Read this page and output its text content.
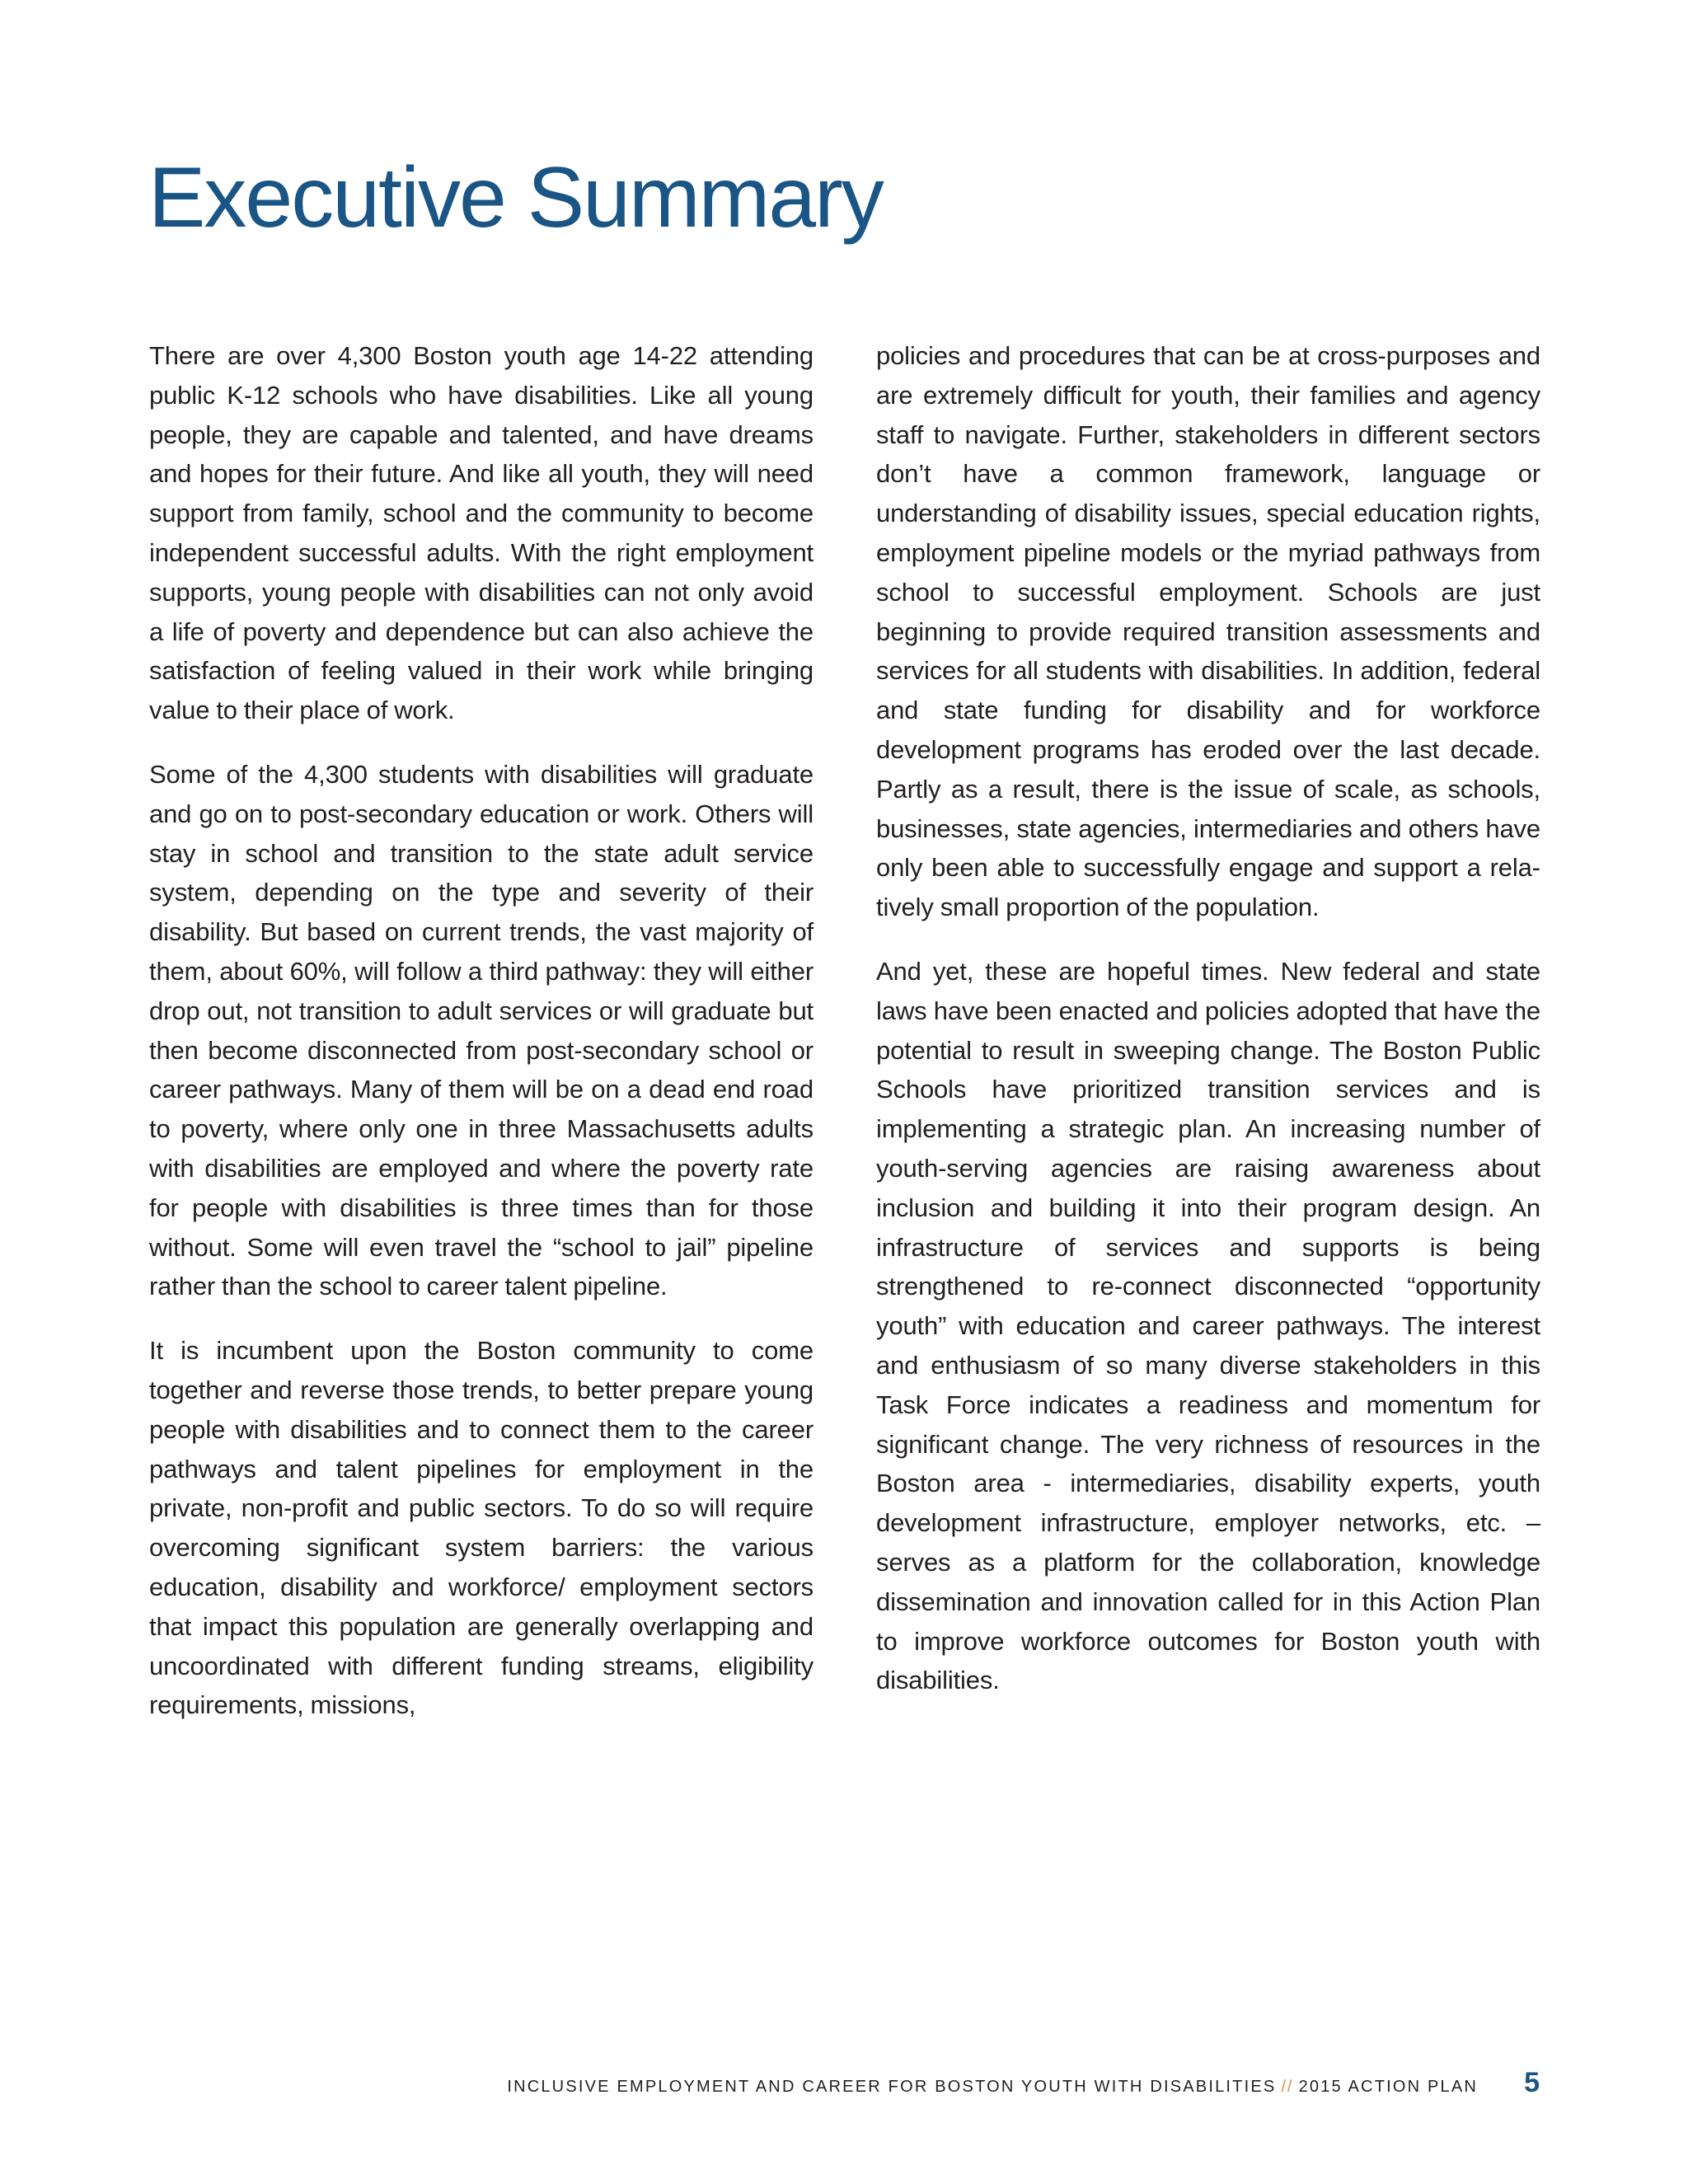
Executive Summary

There are over 4,300 Boston youth age 14-22 attending public K-12 schools who have disabilities. Like all young people, they are capable and talented, and have dreams and hopes for their future. And like all youth, they will need support from family, school and the community to become independent successful adults. With the right employment supports, young people with disabilities can not only avoid a life of poverty and dependence but can also achieve the satisfaction of feeling valued in their work while bringing value to their place of work.

Some of the 4,300 students with disabilities will graduate and go on to post-secondary education or work. Others will stay in school and transition to the state adult service system, depending on the type and severity of their disability. But based on current trends, the vast majority of them, about 60%, will follow a third pathway: they will either drop out, not transition to adult services or will graduate but then become disconnected from post-secondary school or career pathways. Many of them will be on a dead end road to poverty, where only one in three Massachusetts adults with disabilities are employed and where the poverty rate for people with disabilities is three times than for those without. Some will even travel the “school to jail” pipeline rather than the school to career talent pipeline.

It is incumbent upon the Boston community to come together and reverse those trends, to better prepare young people with disabilities and to connect them to the career pathways and talent pipelines for employment in the private, non-profit and public sectors. To do so will require overcoming significant system barriers: the various education, disability and workforce/ employment sectors that impact this population are generally overlapping and uncoordinated with different funding streams, eligibility requirements, missions,

policies and procedures that can be at cross-purposes and are extremely difficult for youth, their families and agency staff to navigate. Further, stakeholders in different sectors don’t have a common framework, language or understanding of disability issues, special education rights, employment pipeline models or the myriad pathways from school to successful employment. Schools are just beginning to provide required transition assessments and services for all students with disabilities. In addition, federal and state funding for disability and for workforce development programs has eroded over the last decade. Partly as a result, there is the issue of scale, as schools, businesses, state agencies, intermediaries and others have only been able to successfully engage and support a relatively small proportion of the population.

And yet, these are hopeful times. New federal and state laws have been enacted and policies adopted that have the potential to result in sweeping change. The Boston Public Schools have prioritized transition services and is implementing a strategic plan. An increasing number of youth-serving agencies are raising awareness about inclusion and building it into their program design. An infrastructure of services and supports is being strengthened to re-connect disconnected “opportunity youth” with education and career pathways. The interest and enthusiasm of so many diverse stakeholders in this Task Force indicates a readiness and momentum for significant change. The very richness of resources in the Boston area - intermediaries, disability experts, youth development infrastructure, employer networks, etc. – serves as a platform for the collaboration, knowledge dissemination and innovation called for in this Action Plan to improve workforce outcomes for Boston youth with disabilities.

INCLUSIVE EMPLOYMENT AND CAREER FOR BOSTON YOUTH WITH DISABILITIES // 2015 ACTION PLAN 5
